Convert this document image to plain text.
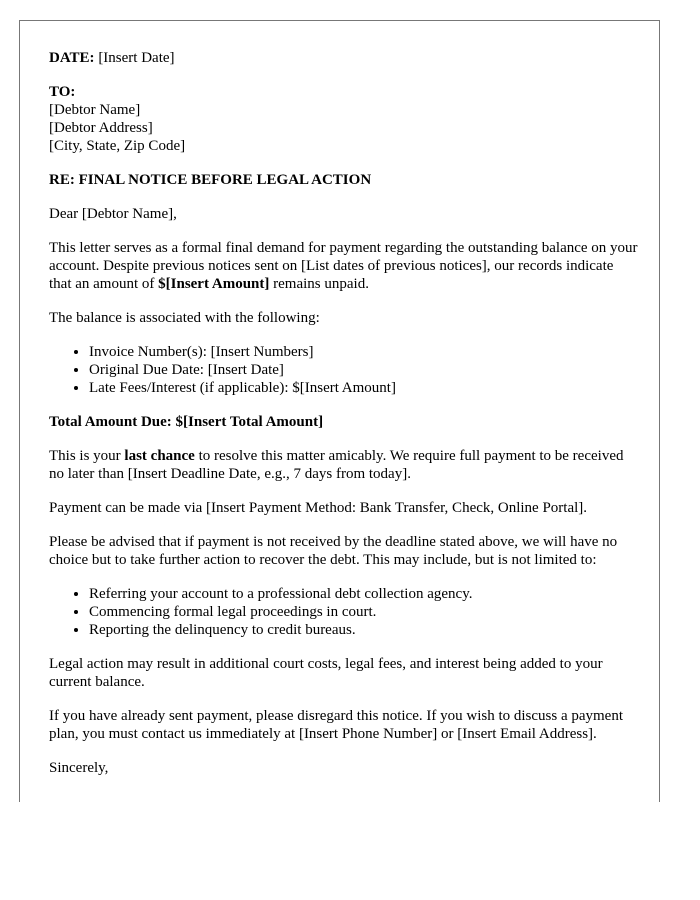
DATE: [Insert Date]

TO:
[Debtor Name]
[Debtor Address]
[City, State, Zip Code]

RE: FINAL NOTICE BEFORE LEGAL ACTION

Dear [Debtor Name],

This letter serves as a formal final demand for payment regarding the outstanding balance on your account. Despite previous notices sent on [List dates of previous notices], our records indicate that an amount of $[Insert Amount] remains unpaid.

The balance is associated with the following:

• Invoice Number(s): [Insert Numbers]
• Original Due Date: [Insert Date]
• Late Fees/Interest (if applicable): $[Insert Amount]

Total Amount Due: $[Insert Total Amount]

This is your last chance to resolve this matter amicably. We require full payment to be received no later than [Insert Deadline Date, e.g., 7 days from today].

Payment can be made via [Insert Payment Method: Bank Transfer, Check, Online Portal].

Please be advised that if payment is not received by the deadline stated above, we will have no choice but to take further action to recover the debt. This may include, but is not limited to:

• Referring your account to a professional debt collection agency.
• Commencing formal legal proceedings in court.
• Reporting the delinquency to credit bureaus.

Legal action may result in additional court costs, legal fees, and interest being added to your current balance.

If you have already sent payment, please disregard this notice. If you wish to discuss a payment plan, you must contact us immediately at [Insert Phone Number] or [Insert Email Address].

Sincerely,
